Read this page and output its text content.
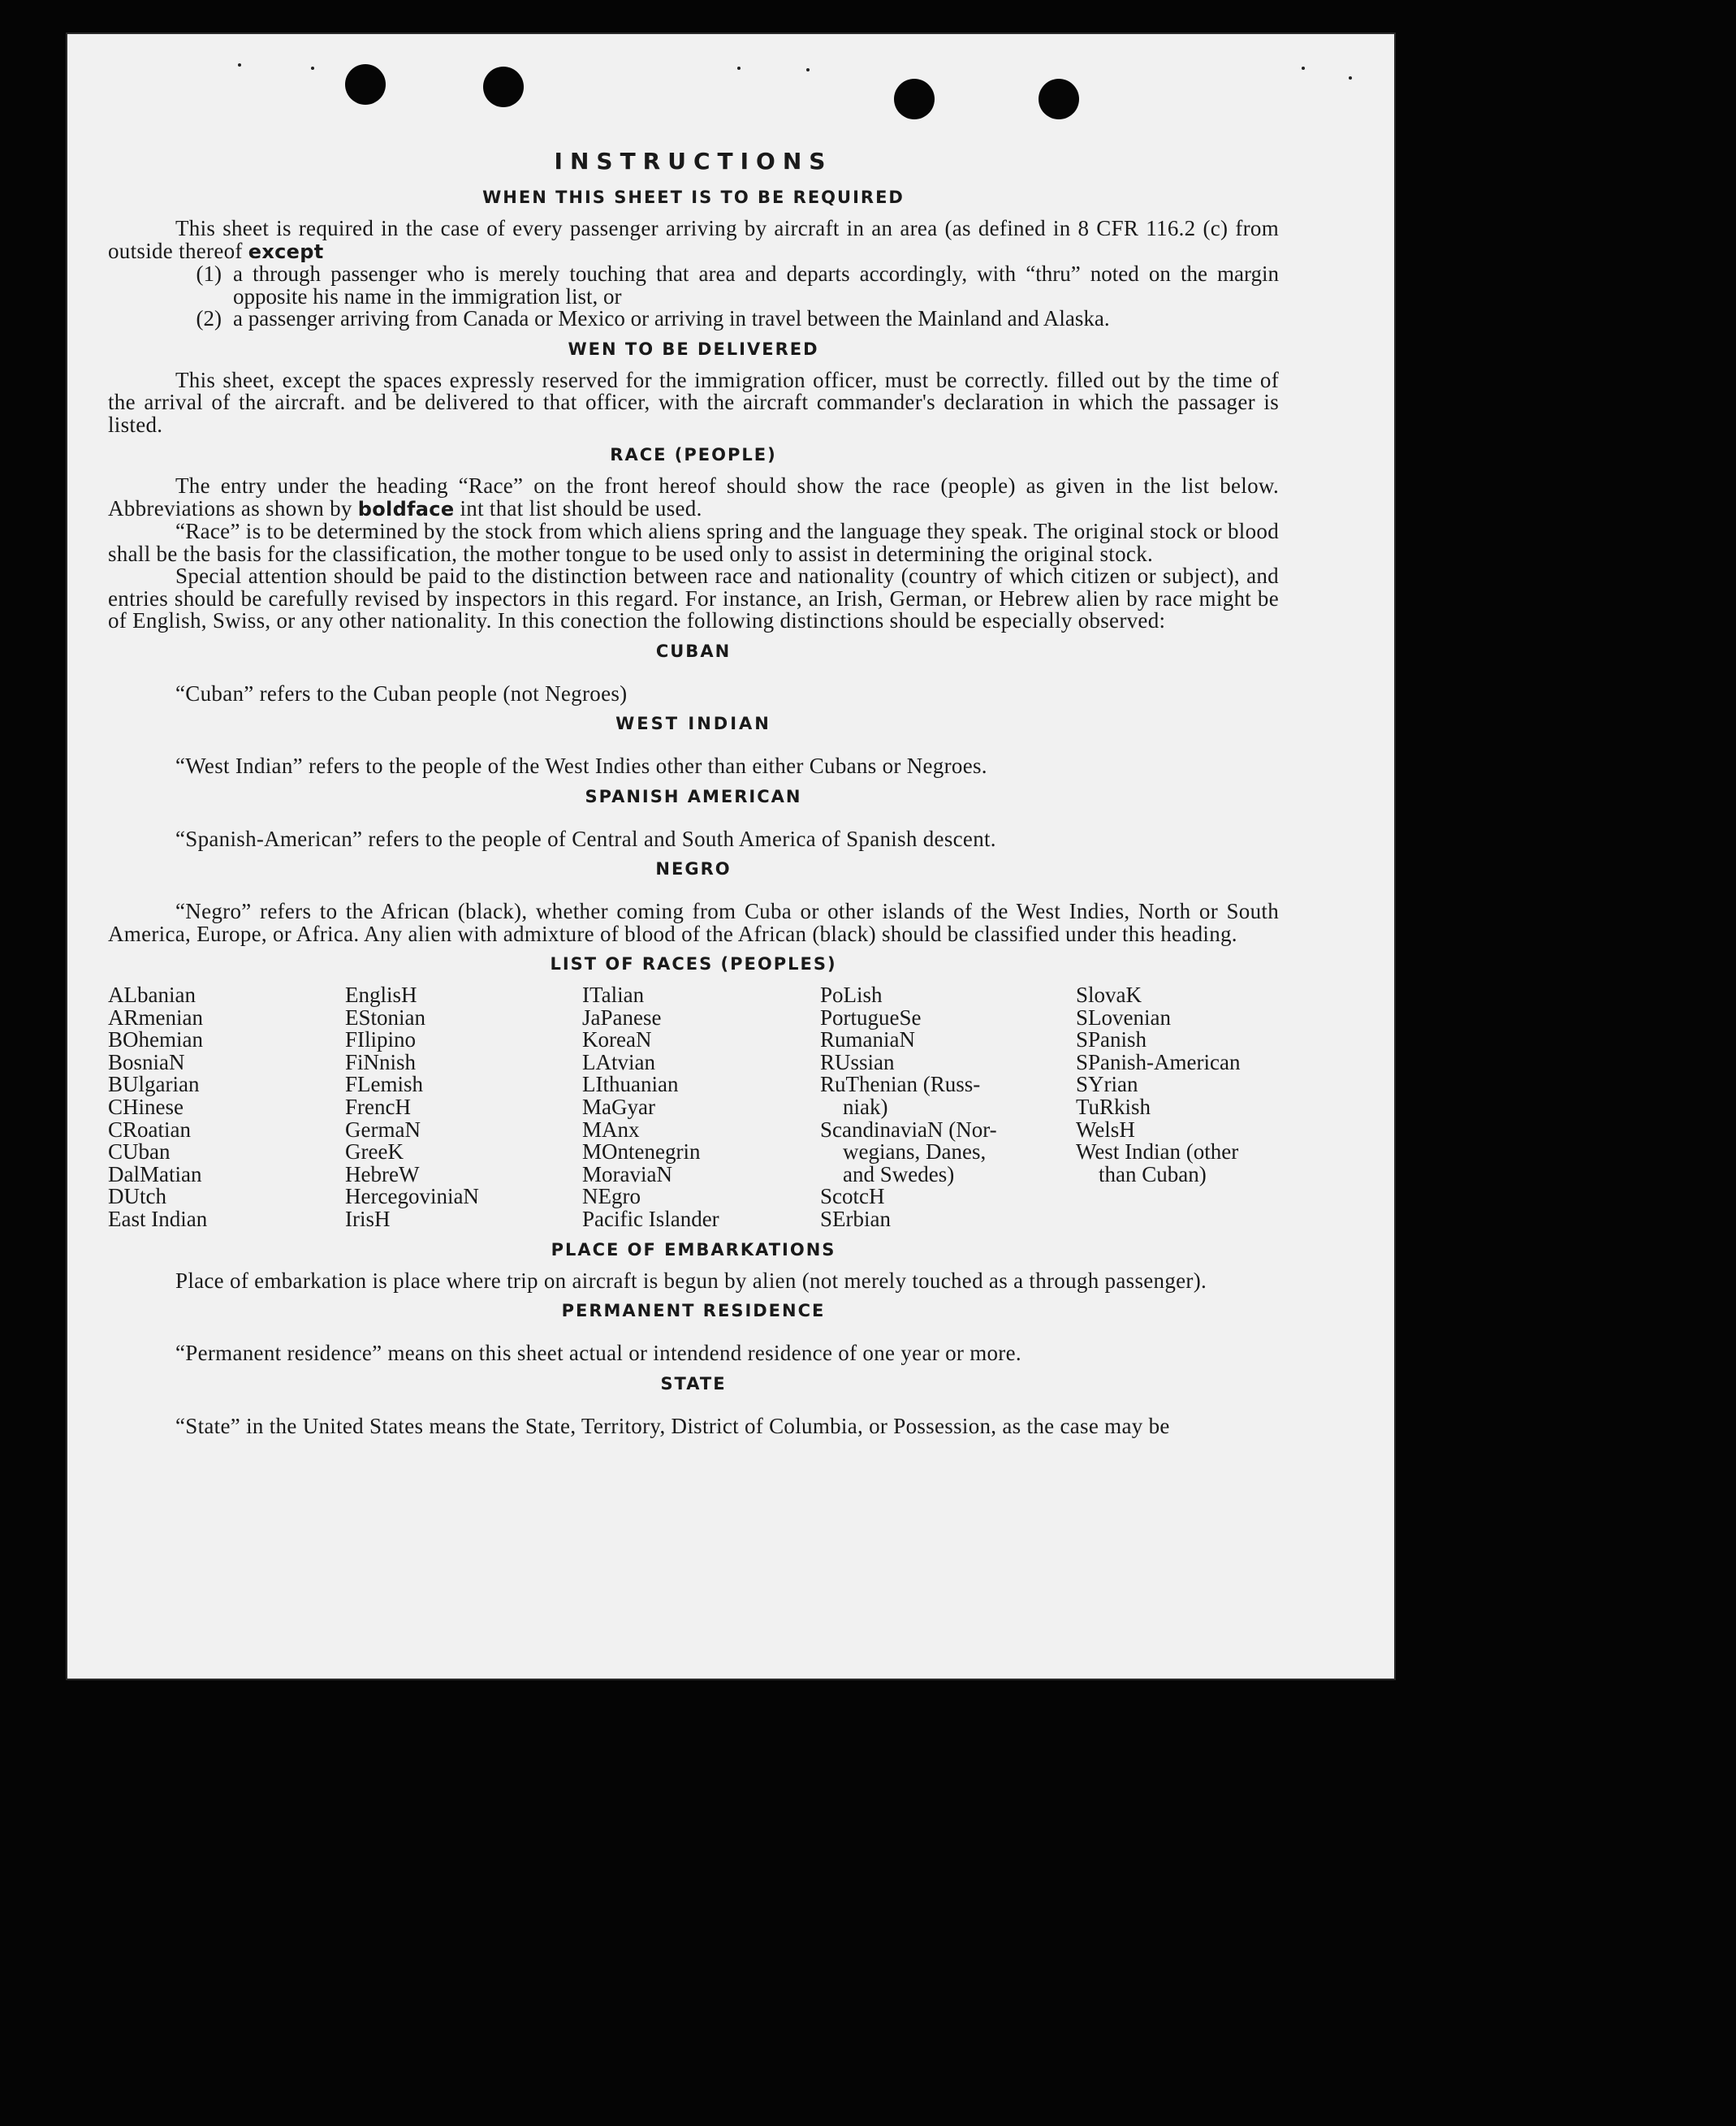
INSTRUCTIONS
WHEN THIS SHEET IS TO BE REQUIRED

This sheet is required in the case of every passenger arriving by aircraft in an area (as defined in 8 CFR 116.2 (c) from outside thereof except

(1) a through passenger who is merely touching that area and departs accordingly, with “thru” noted on the margin opposite his name in the immigration list, or
(2) a passenger arriving from Canada or Mexico or arriving in travel between the Mainland and Alaska.
WEN TO BE DELIVERED

This sheet, except the spaces expressly reserved for the immigration officer, must be correctly. filled out by the time of the arrival of the aircraft. and be delivered to that officer, with the aircraft commander's declaration in which the passager is listed.

RACE (PEOPLE)

The entry under the heading “Race” on the front hereof should show the race (people) as given in the list below. Abbreviations as shown by boldface int that list should be used.

“Race” is to be determined by the stock from which aliens spring and the language they speak. The original stock or blood shall be the basis for the classification, the mother tongue to be used only to assist in determining the original stock.

Special attention should be paid to the distinction between race and nationality (country of which citizen or subject), and entries should be carefully revised by inspectors in this regard. For instance, an Irish, German, or Hebrew alien by race might be of English, Swiss, or any other nationality. In this conection the following distinctions should be especially observed:

CUBAN

“Cuban” refers to the Cuban people (not Negroes)

WEST INDIAN

“West Indian” refers to the people of the West Indies other than either Cubans or Negroes.

SPANISH AMERICAN

“Spanish-American” refers to the people of Central and South America of Spanish descent.

NEGRO

“Negro” refers to the African (black), whether coming from Cuba or other islands of the West Indies, North or South America, Europe, or Africa. Any alien with admixture of blood of the African (black) should be classified under this heading.

LIST OF RACES (PEOPLES)
ALbanian
ARmenian
BOhemian
BosniaN
BUlgarian
CHinese
CRoatian
CUban
DalMatian
DUtch
East Indian
EnglisH
EStonian
FIlipino
FiNnish
FLemish
FrencH
GermaN
GreeK
HebreW
HercegoviniaN
IrisH
ITalian
JaPanese
KoreaN
LAtvian
LIthuanian
MaGyar
MAnx
MOntenegrin
MoraviaN
NEgro
Pacific Islander
PoLish
PortugueSe
RumaniaN
RUssian
RuThenian (Russ-
niak)
ScandinaviaN (Nor-
wegians, Danes,
and Swedes)
ScotcH
SErbian
SlovaK
SLovenian
SPanish
SPanish-American
SYrian
TuRkish
WelsH
West Indian (other
than Cuban)
PLACE OF EMBARKATIONS

Place of embarkation is place where trip on aircraft is begun by alien (not merely touched as a through passenger).

PERMANENT RESIDENCE

“Permanent residence” means on this sheet actual or intendend residence of one year or more.

STATE

“State” in the United States means the State, Territory, District of Columbia, or Possession, as the case may be
